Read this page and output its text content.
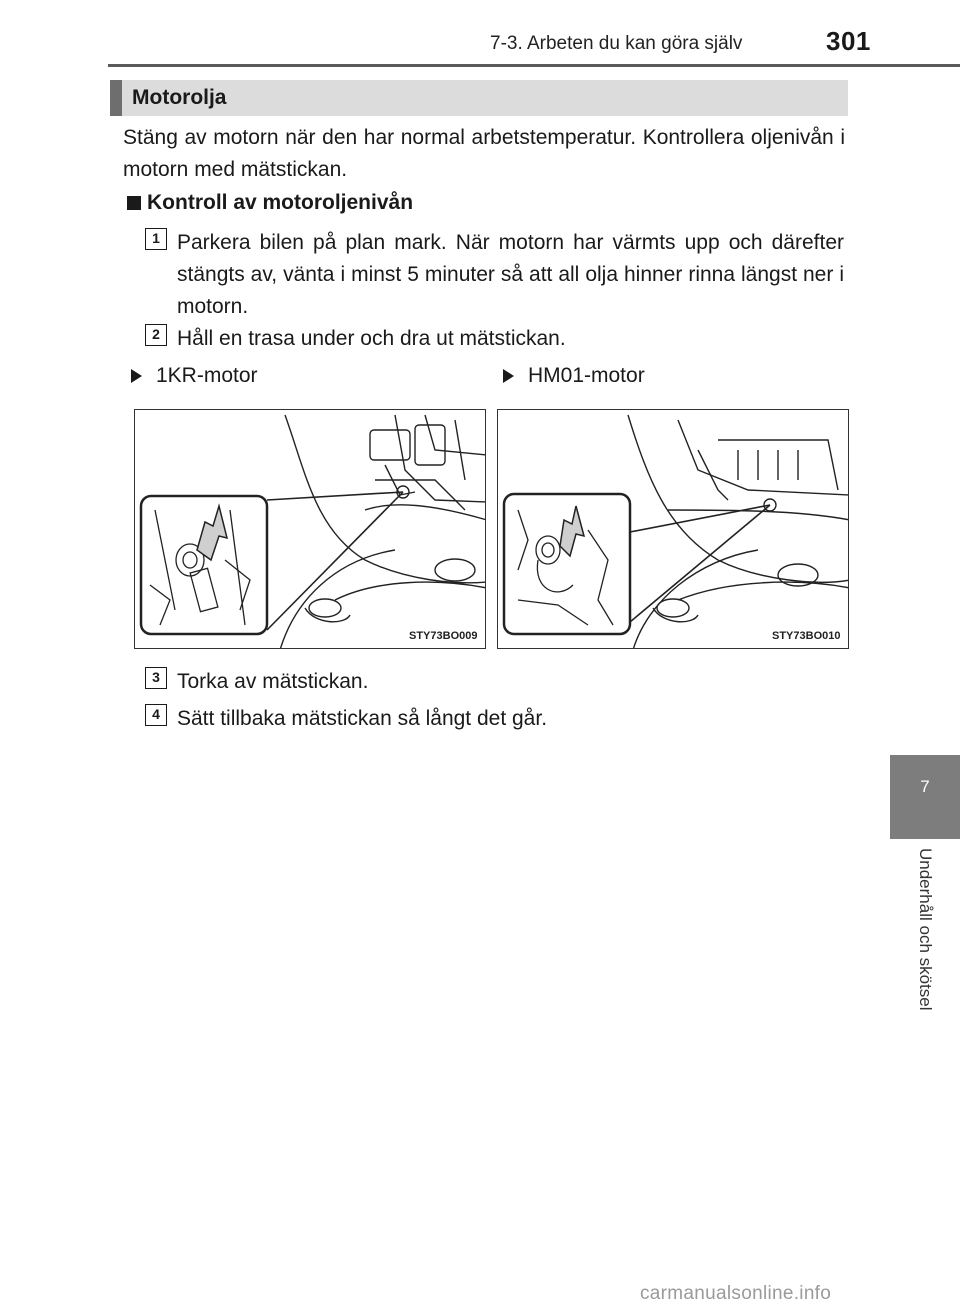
7-3. Arbeten du kan göra själv	301
Motorolja
Stäng av motorn när den har normal arbetstemperatur. Kontrollera oljenivån i motorn med mätstickan.
Kontroll av motoroljenivån
1 Parkera bilen på plan mark. När motorn har värmts upp och därefter stängts av, vänta i minst 5 minuter så att all olja hinner rinna längst ner i motorn.
2 Håll en trasa under och dra ut mätstickan.
1KR-motor	HM01-motor
STY73BO009	STY73BO010
3 Torka av mätstickan.
4 Sätt tillbaka mätstickan så långt det går.
7
Underhåll och skötsel
carmanualsonline.info
